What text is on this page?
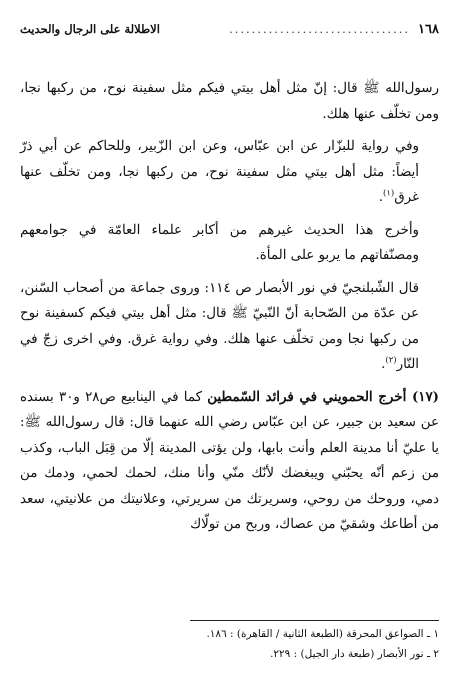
١٦٨
................................
الاطلالة على الرجال والحديث

رسول‌الله ﷺ قال: إنّ مثل أهل بيتي فيكم مثل سفينة نوح، من ركبها نجا، ومن تخلّف عنها هلك.

وفي رواية للبزّار عن ابن عبّاس، وعن ابن الزّبير، وللحاكم عن أبي ذرّ أيضاً: مثل أهل بيتي مثل سفينة نوح، من ركبها نجا، ومن تخلّف عنها غرق$^{(١)}$.

وأخرج هذا الحديث غيرهم من أكابر علماء العامّة في جوامعهم ومصنّفاتهم ما يربو على المأة.

قال الشّبلنجيّ في نور الأبصار ص ١١٤: وروى جماعة من أصحاب السّنن، عن عدّة من الصّحابة أنّ النّبيّ ﷺ قال: مثل أهل بيتي فيكم كسفينة نوح من ركبها نجا ومن تخلّف عنها هلك. وفي رواية غرق. وفي اخرى زجّ في النّار$^{(٢)}$.

(١٧) أخرج الحمويني في فرائد السّمطين كما في الينابيع ص٢٨ و٣٠ بسنده عن سعيد بن جبير، عن ابن عبّاس رضي الله عنهما قال: قال رسول‌الله ﷺ: يا عليّ أنا مدينة العلم وأنت بابها، ولن يؤتى المدينة إلّا من قِبَل الباب، وكذب من زعم أنّه يحبّني ويبغضك لأنّك منّي وأنا منك، لحمك لحمي، ودمك من دمي، وروحك من روحي، وسريرتك من سريرتي، وعلانيتك من علانيتي، سعد من أطاعك وشقيّ من عصاك، وربح من تولّاك

١ ـ الصواعق المحرقة (الطبعة الثانية / القاهرة) : ١٨٦.
٢ ـ نور الأبصار (طبعة دار الجيل) : ٢٢٩.
